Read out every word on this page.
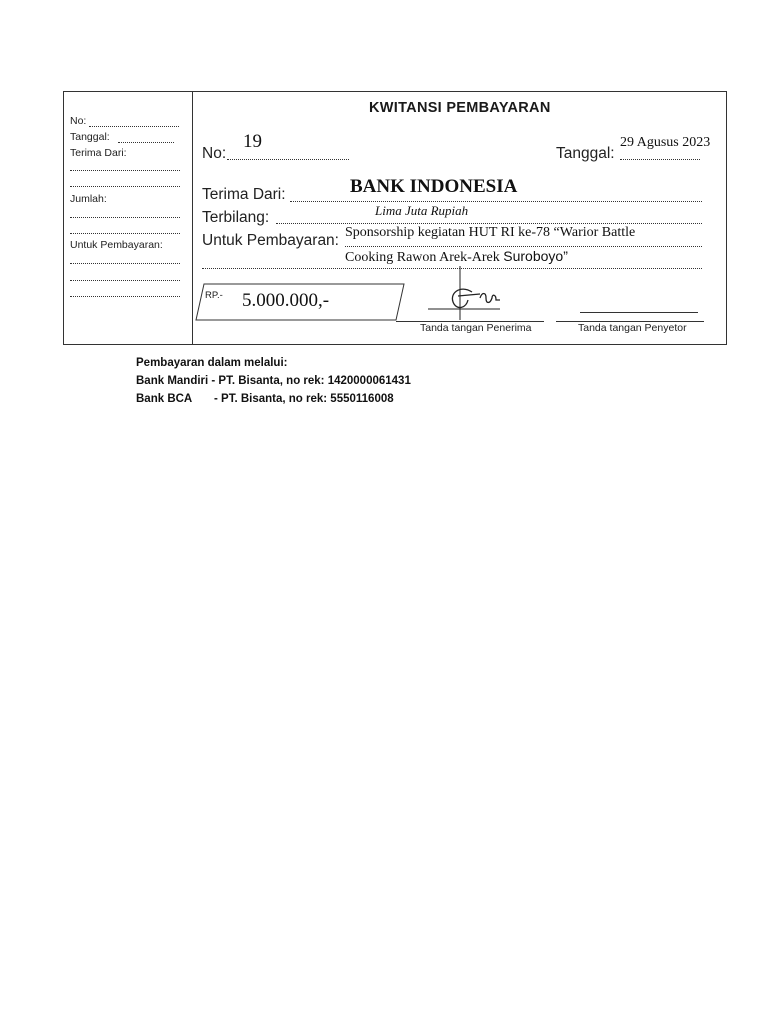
No:
Tanggal:
Terima Dari:
Jumlah:
Untuk Pembayaran:
KWITANSI PEMBAYARAN
No:
19
Tanggal:
29 Agusus 2023
Terima Dari:	BANK INDONESIA
Terbilang:	Lima Juta Rupiah
Untuk Pembayaran: Sponsorship kegiatan HUT RI ke-78 “Warior Battle
Cooking Rawon Arek-Arek Suroboyo”
RP.- 5.000.000,-
Tanda tangan Penerima	Tanda tangan Penyetor
Pembayaran dalam melalui:
Bank Mandiri - PT. Bisanta, no rek: 1420000061431
Bank BCA - PT. Bisanta, no rek: 5550116008
